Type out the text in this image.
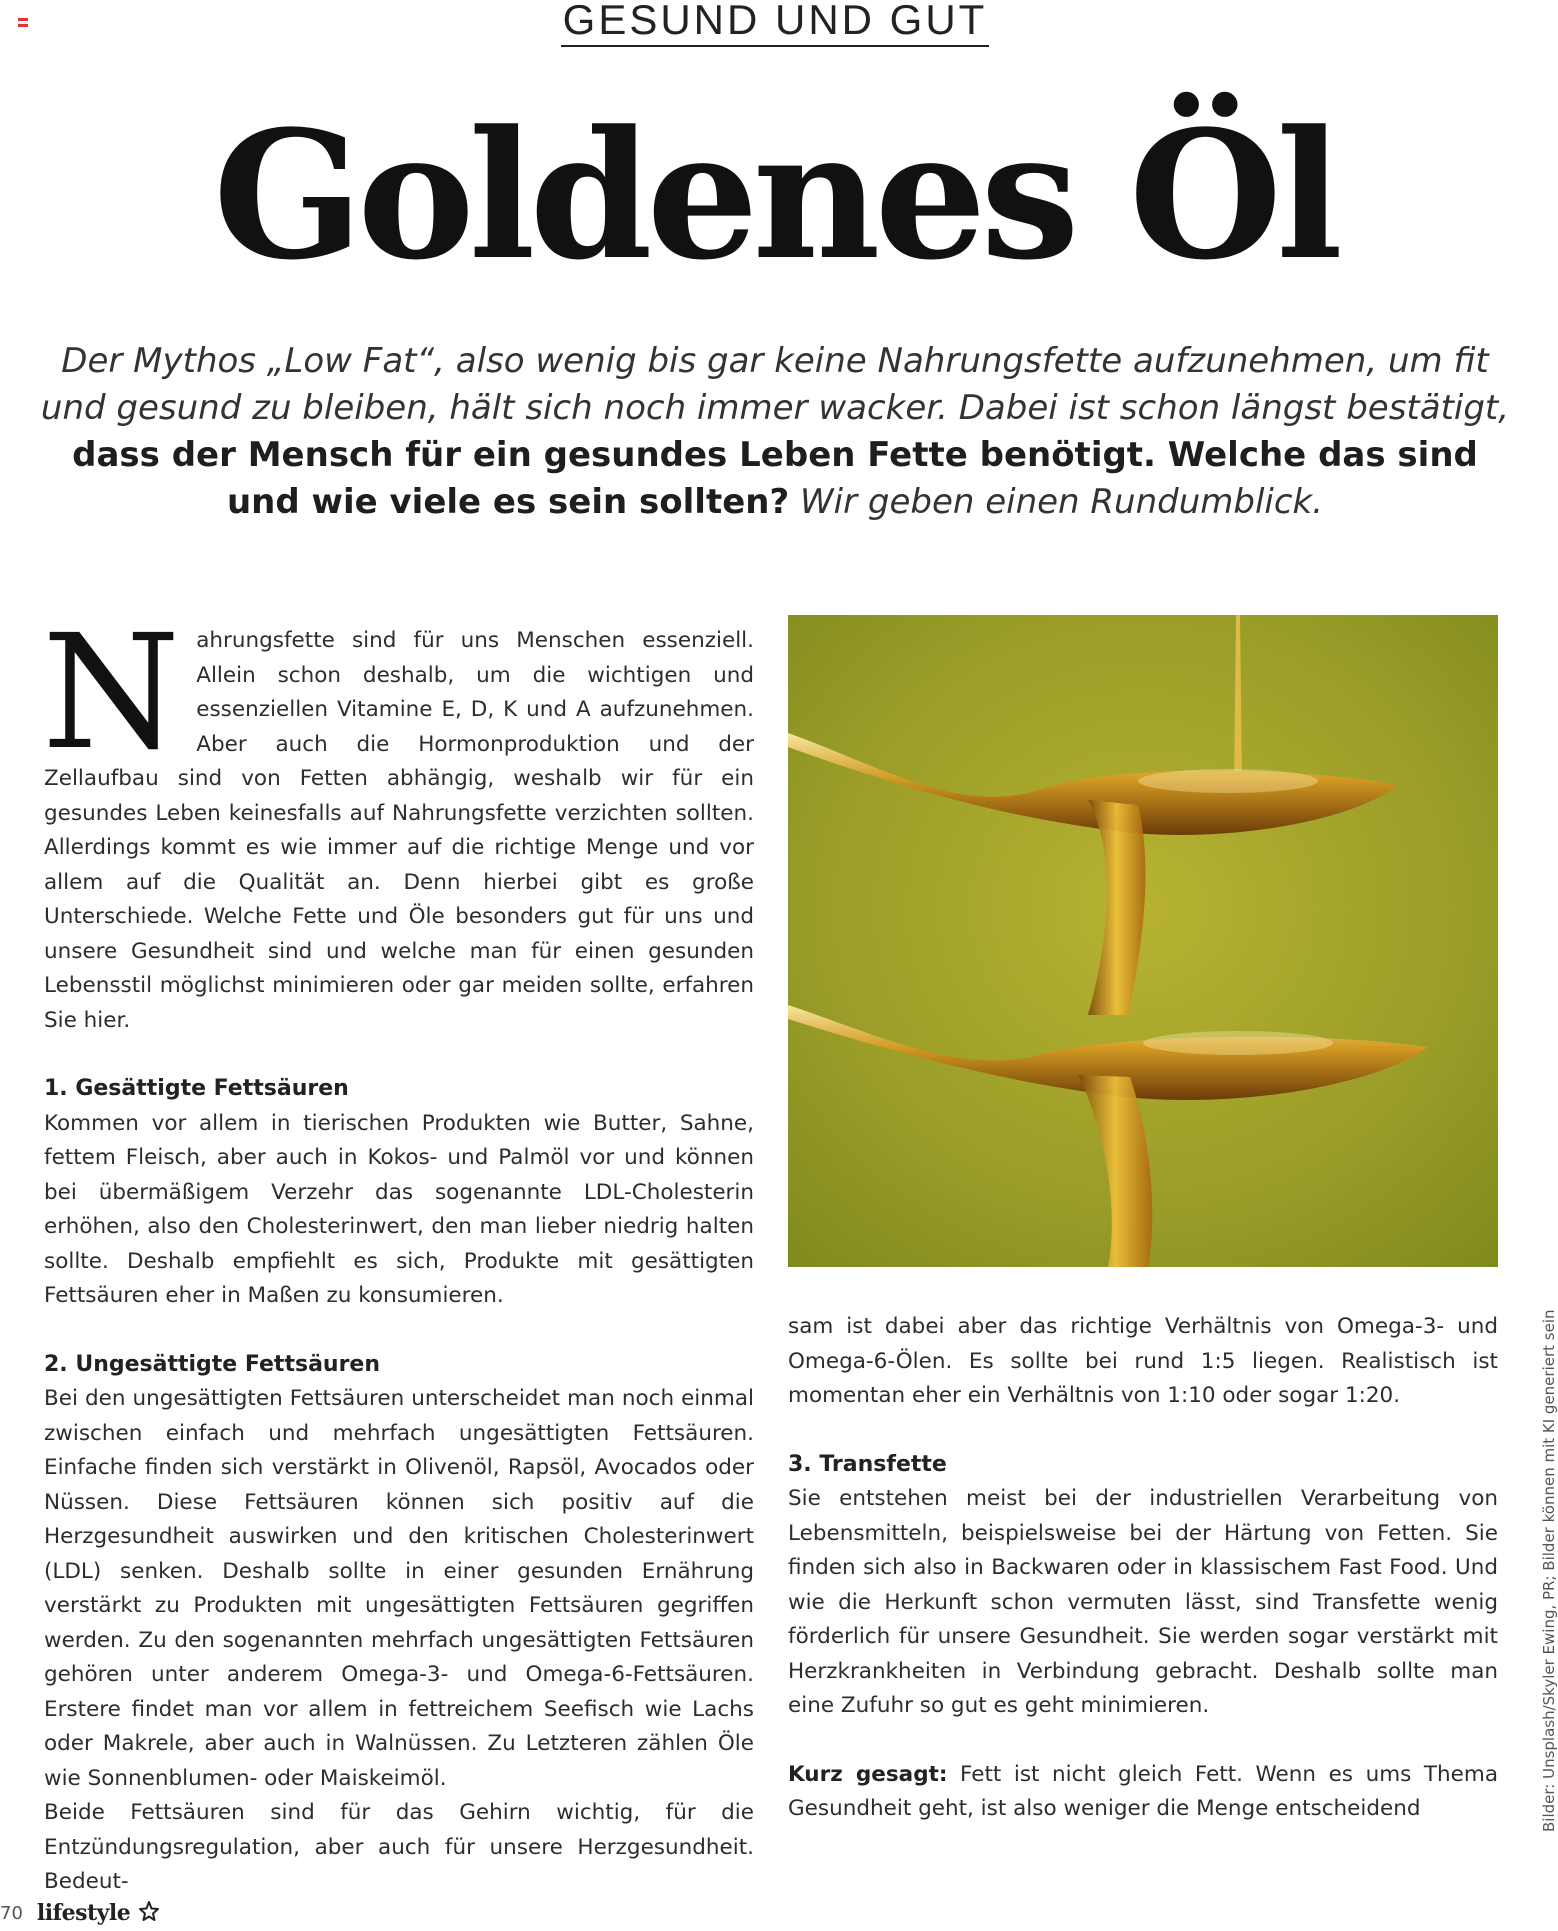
GESUND UND GUT
Goldenes Öl
Der Mythos „Low Fat“, also wenig bis gar keine Nahrungsfette aufzunehmen, um fit und gesund zu bleiben, hält sich noch immer wacker. Dabei ist schon längst bestätigt, dass der Mensch für ein gesundes Leben Fette benötigt. Welche das sind und wie viele es sein sollten? Wir geben einen Rundumblick.

Nahrungsfette sind für uns Menschen essenziell. Allein schon deshalb, um die wichtigen und essenziellen Vitamine E, D, K und A aufzunehmen. Aber auch die Hormonproduktion und der Zellaufbau sind von Fetten abhängig, weshalb wir für ein gesundes Leben keinesfalls auf Nahrungsfette verzichten sollten. Allerdings kommt es wie immer auf die richtige Menge und vor allem auf die Qualität an. Denn hierbei gibt es große Unterschiede. Welche Fette und Öle besonders gut für uns und unsere Gesundheit sind und welche man für einen gesunden Lebensstil möglichst minimieren oder gar meiden sollte, erfahren Sie hier.

1. Gesättigte Fettsäuren

Kommen vor allem in tierischen Produkten wie Butter, Sahne, fettem Fleisch, aber auch in Kokos- und Palmöl vor und können bei übermäßigem Verzehr das sogenannte LDL-Cholesterin erhöhen, also den Cholesterinwert, den man lieber niedrig halten sollte. Deshalb empfiehlt es sich, Produkte mit gesättigten Fettsäuren eher in Maßen zu konsumieren.

2. Ungesättigte Fettsäuren

Bei den ungesättigten Fettsäuren unterscheidet man noch einmal zwischen einfach und mehrfach ungesättigten Fettsäuren. Einfache finden sich verstärkt in Olivenöl, Rapsöl, Avocados oder Nüssen. Diese Fettsäuren können sich positiv auf die Herzgesundheit auswirken und den kritischen Cholesterinwert (LDL) senken. Deshalb sollte in einer gesunden Ernährung verstärkt zu Produkten mit ungesättigten Fettsäuren gegriffen werden. Zu den sogenannten mehrfach ungesättigten Fettsäuren gehören unter anderem Omega-3- und Omega-6-Fettsäuren. Erstere findet man vor allem in fettreichem Seefisch wie Lachs oder Makrele, aber auch in Walnüssen. Zu Letzteren zählen Öle wie Sonnenblumen- oder Maiskeimöl.

Beide Fettsäuren sind für das Gehirn wichtig, für die Entzündungsregulation, aber auch für unsere Herzgesundheit. Bedeut-

sam ist dabei aber das richtige Verhältnis von Omega-3- und Omega-6-Ölen. Es sollte bei rund 1:5 liegen. Realistisch ist momentan eher ein Verhältnis von 1:10 oder sogar 1:20.

3. Transfette

Sie entstehen meist bei der industriellen Verarbeitung von Lebensmitteln, beispielsweise bei der Härtung von Fetten. Sie finden sich also in Backwaren oder in klassischem Fast Food. Und wie die Herkunft schon vermuten lässt, sind Transfette wenig förderlich für unsere Gesundheit. Sie werden sogar verstärkt mit Herzkrankheiten in Verbindung gebracht. Deshalb sollte man eine Zufuhr so gut es geht minimieren.

Kurz gesagt: Fett ist nicht gleich Fett. Wenn es ums Thema Gesundheit geht, ist also weniger die Menge entscheidend	Bilder: Unsplash/Skyler Ewing, PR; Bilder können mit KI generiert sein
70 lifestyle
